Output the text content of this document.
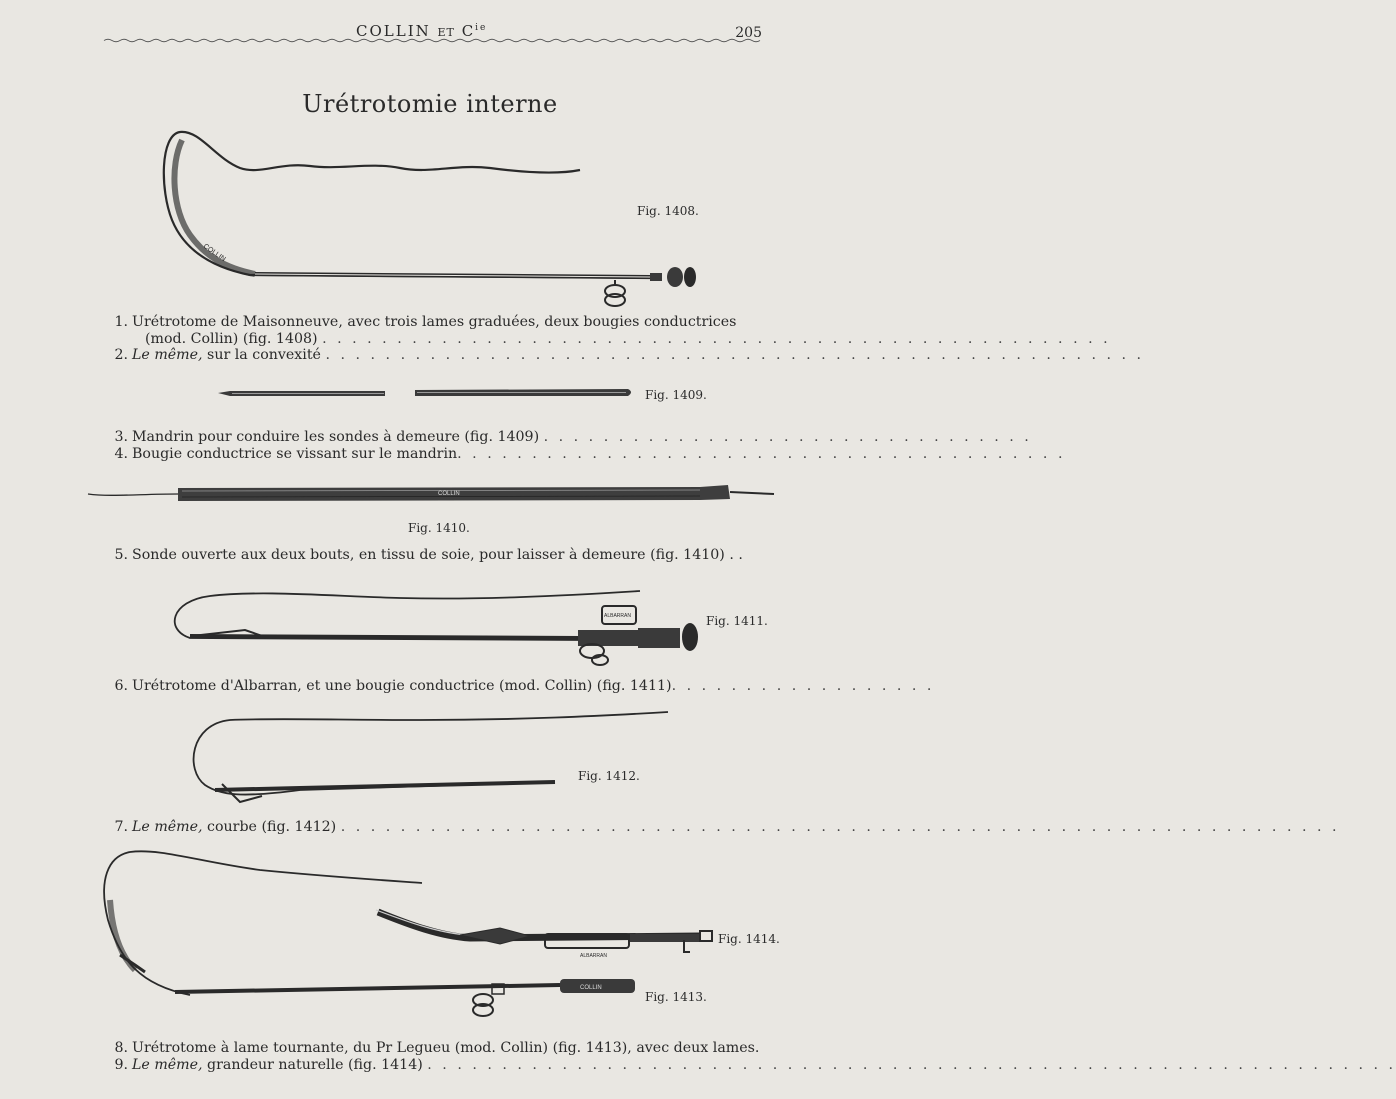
COLLIN ET $C^{ie}$	205
Urétrotomie interne
COLLIN
COLLIN
ALBARRAN
COLLIN
ALBARRAN
Fig. 1408.
Fig. 1409.
Fig. 1410.
Fig. 1411.
Fig. 1412.
Fig. 1414.
Fig. 1413.
1. Urétrotome de Maisonneuve, avec trois lames graduées, deux bougies conductrices
(mod. Collin) (fig. 1408) . . . . . . . . . . . . . . . . . . . . . . . . . . . . . . . . . . . . . . . . . . . . . . . . . . . . .
2. Le même, sur la convexité . . . . . . . . . . . . . . . . . . . . . . . . . . . . . . . . . . . . . . . . . . . . . . . . . . . . . . .
3. Mandrin pour conduire les sondes à demeure (fig. 1409) . . . . . . . . . . . . . . . . . . . . . . . . . . . . . . . . .
4. Bougie conductrice se vissant sur le mandrin. . . . . . . . . . . . . . . . . . . . . . . . . . . . . . . . . . . . . . . . .
5. Sonde ouverte aux deux bouts, en tissu de soie, pour laisser à demeure (fig. 1410) . .
6. Urétrotome d'Albarran, et une bougie conductrice (mod. Collin) (fig. 1411). . . . . . . . . . . . . . . . . .
7. Le même, courbe (fig. 1412) . . . . . . . . . . . . . . . . . . . . . . . . . . . . . . . . . . . . . . . . . . . . . . . . . . . . . . . . . . . . . . . . . . .
8. Urétrotome à lame tournante, du Pr Legueu (mod. Collin) (fig. 1413), avec deux lames.
9. Le même, grandeur naturelle (fig. 1414) . . . . . . . . . . . . . . . . . . . . . . . . . . . . . . . . . . . . . . . . . . . . . . . . . . . . . . . . . . . . . . . . .
